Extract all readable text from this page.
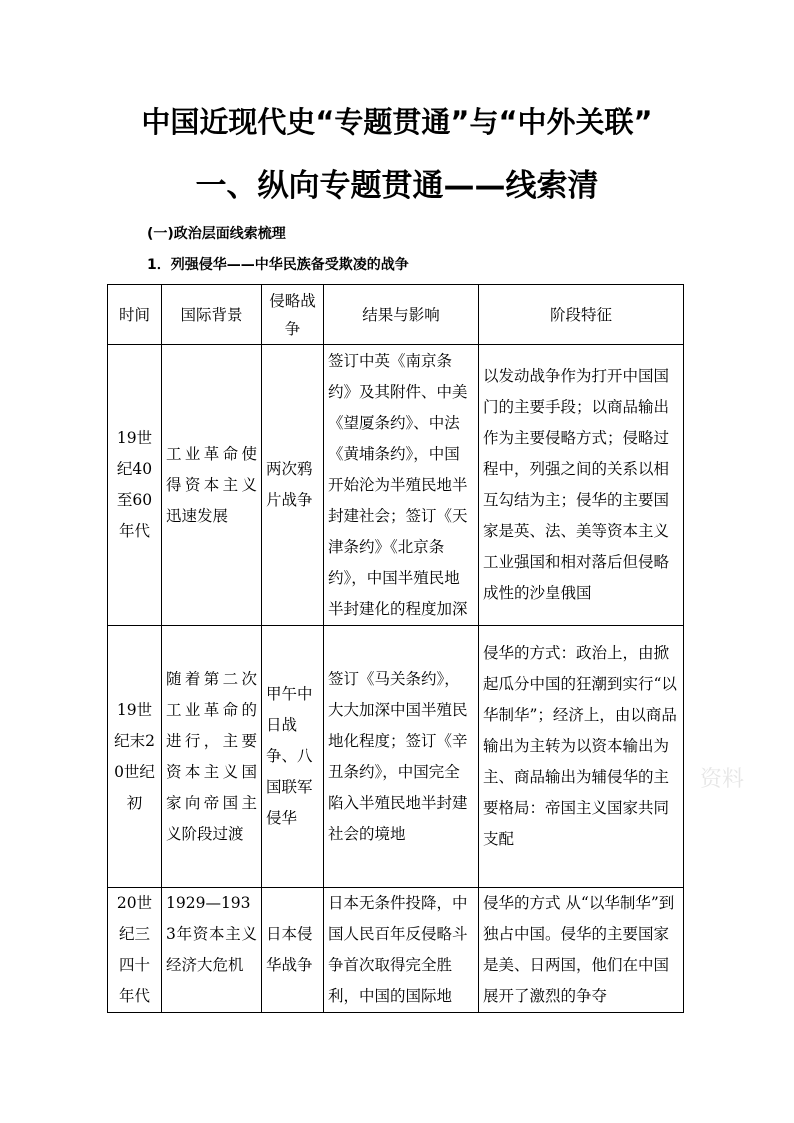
中国近现代史“专题贯通”与“中外关联”
一、纵向专题贯通——线索清
(一)政治层面线索梳理
1．列强侵华——中华民族备受欺凌的战争
时间	国际背景	侵略战争	结果与影响	阶段特征
19世纪40至60年代	工业革命使得资本主义迅速发展	两次鸦片战争	签订中英《南京条约》及其附件、中美《望厦条约》、中法《黄埔条约》，中国开始沦为半殖民地半封建社会；签订《天津条约》《北京条约》，中国半殖民地半封建化的程度加深	以发动战争作为打开中国国门的主要手段；以商品输出作为主要侵略方式；侵略过程中，列强之间的关系以相互勾结为主；侵华的主要国家是英、法、美等资本主义工业强国和相对落后但侵略成性的沙皇俄国
19世纪末20世纪初	随着第二次工业革命的进行，主要资本主义国家向帝国主义阶段过渡	甲午中日战争、八国联军侵华	签订《马关条约》，大大加深中国半殖民地化程度；签订《辛丑条约》，中国完全陷入半殖民地半封建社会的境地	侵华的方式：政治上，由掀起瓜分中国的狂潮到实行“以华制华”；经济上，由以商品输出为主转为以资本输出为主、商品输出为辅侵华的主要格局：帝国主义国家共同支配
20世纪三四十年代	1929—1933年资本主义经济大危机	日本侵华战争	日本无条件投降，中国人民百年反侵略斗争首次取得完全胜利，中国的国际地	侵华的方式 从“以华制华”到独占中国。侵华的主要国家是美、日两国，他们在中国展开了激烈的争夺
资料
